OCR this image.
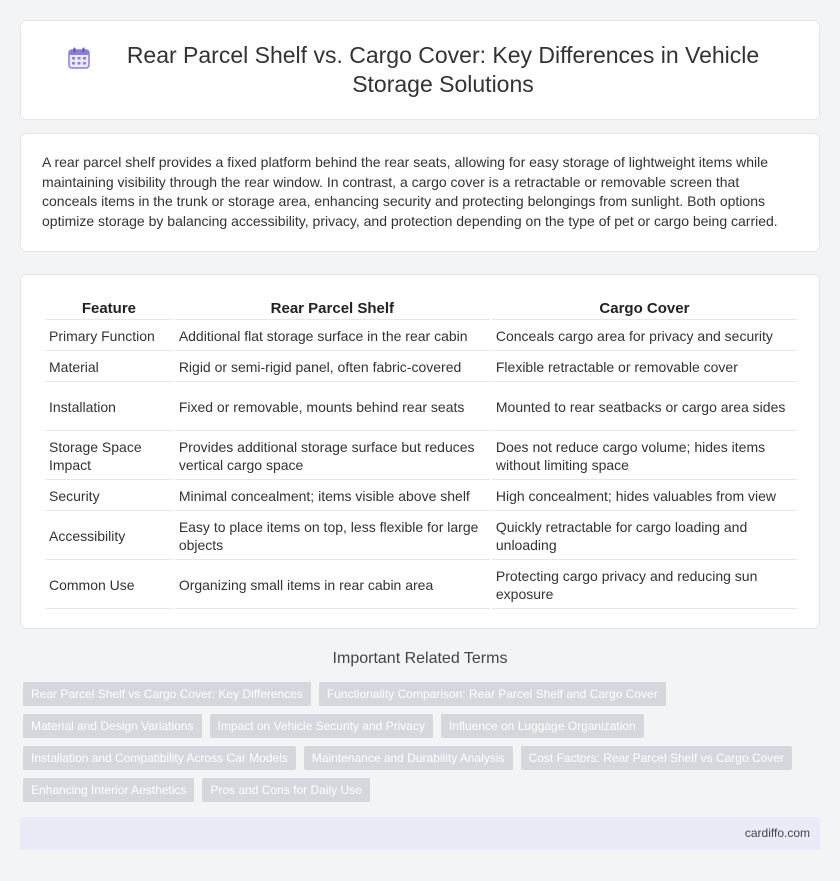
Rear Parcel Shelf vs. Cargo Cover: Key Differences in Vehicle Storage Solutions

A rear parcel shelf provides a fixed platform behind the rear seats, allowing for easy storage of lightweight items while maintaining visibility through the rear window. In contrast, a cargo cover is a retractable or removable screen that conceals items in the trunk or storage area, enhancing security and protecting belongings from sunlight. Both options optimize storage by balancing accessibility, privacy, and protection depending on the type of pet or cargo being carried.

Feature	Rear Parcel Shelf	Cargo Cover
Primary Function	Additional flat storage surface in the rear cabin	Conceals cargo area for privacy and security
Material	Rigid or semi-rigid panel, often fabric-covered	Flexible retractable or removable cover
Installation	Fixed or removable, mounts behind rear seats	Mounted to rear seatbacks or cargo area sides
Storage Space Impact	Provides additional storage surface but reduces vertical cargo space	Does not reduce cargo volume; hides items without limiting space
Security	Minimal concealment; items visible above shelf	High concealment; hides valuables from view
Accessibility	Easy to place items on top, less flexible for large objects	Quickly retractable for cargo loading and unloading
Common Use	Organizing small items in rear cabin area	Protecting cargo privacy and reducing sun exposure
Important Related Terms
Rear Parcel Shelf vs Cargo Cover: Key Differences	Functionality Comparison: Rear Parcel Shelf and Cargo Cover
Material and Design Variations	Impact on Vehicle Security and Privacy	Influence on Luggage Organization
Installation and Compatibility Across Car Models	Maintenance and Durability Analysis	Cost Factors: Rear Parcel Shelf vs Cargo Cover
Enhancing Interior Aesthetics	Pros and Cons for Daily Use
cardiffo.com
